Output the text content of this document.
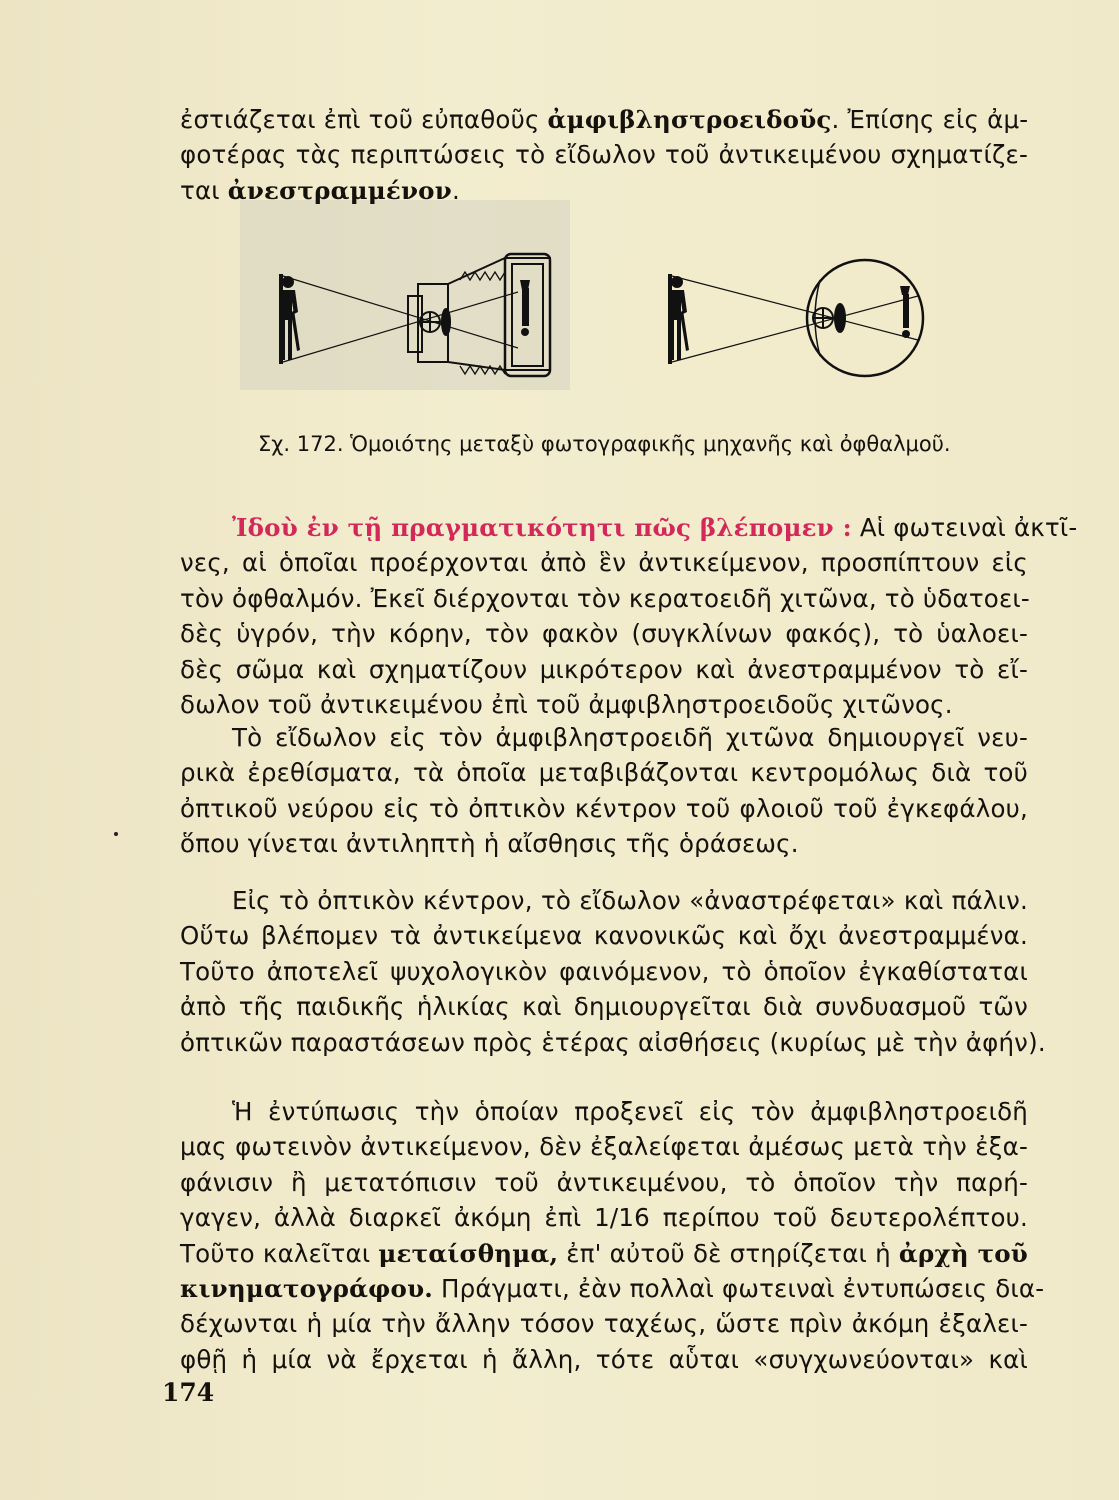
ἐστιάζεται ἐπὶ τοῦ εὐπαθοῦς ἀμφιβληστροειδοῦς. Ἐπίσης εἰς ἀμ-
φοτέρας τὰς περιπτώσεις τὸ εἴδωλον τοῦ ἀντικειμένου σχηματίζε-
ται ἀνεστραμμένον.
Σχ. 172. Ὁμοιότης μεταξὺ φωτογραφικῆς μηχανῆς καὶ ὀφθαλμοῦ.
Ἰδοὺ ἐν τῇ πραγματικότητι πῶς βλέπομεν : Αἱ φωτειναὶ ἀκτῖ-
νες, αἱ ὁποῖαι προέρχονται ἀπὸ ἓν ἀντικείμενον, προσπίπτουν εἰς
τὸν ὀφθαλμόν. Ἐκεῖ διέρχονται τὸν κερατοειδῆ χιτῶνα, τὸ ὑδατοει-
δὲς ὑγρόν, τὴν κόρην, τὸν φακὸν (συγκλίνων φακός), τὸ ὑαλοει-
δὲς σῶμα καὶ σχηματίζουν μικρότερον καὶ ἀνεστραμμένον τὸ εἴ-
δωλον τοῦ ἀντικειμένου ἐπὶ τοῦ ἀμφιβληστροειδοῦς χιτῶνος.
Τὸ εἴδωλον εἰς τὸν ἀμφιβληστροειδῆ χιτῶνα δημιουργεῖ νευ-
ρικὰ ἐρεθίσματα, τὰ ὁποῖα μεταβιβάζονται κεντρομόλως διὰ τοῦ
ὀπτικοῦ νεύρου εἰς τὸ ὀπτικὸν κέντρον τοῦ φλοιοῦ τοῦ ἐγκεφάλου,
ὅπου γίνεται ἀντιληπτὴ ἡ αἴσθησις τῆς ὁράσεως.
Εἰς τὸ ὀπτικὸν κέντρον, τὸ εἴδωλον «ἀναστρέφεται» καὶ πάλιν.
Οὕτω βλέπομεν τὰ ἀντικείμενα κανονικῶς καὶ ὄχι ἀνεστραμμένα.
Τοῦτο ἀποτελεῖ ψυχολογικὸν φαινόμενον, τὸ ὁποῖον ἐγκαθίσταται
ἀπὸ τῆς παιδικῆς ἡλικίας καὶ δημιουργεῖται διὰ συνδυασμοῦ τῶν
ὀπτικῶν παραστάσεων πρὸς ἑτέρας αἰσθήσεις (κυρίως μὲ τὴν ἀφήν).
Ἡ ἐντύπωσις τὴν ὁποίαν προξενεῖ εἰς τὸν ἀμφιβληστροειδῆ
μας φωτεινὸν ἀντικείμενον, δὲν ἐξαλείφεται ἀμέσως μετὰ τὴν ἐξα-
φάνισιν ἢ μετατόπισιν τοῦ ἀντικειμένου, τὸ ὁποῖον τὴν παρή-
γαγεν, ἀλλὰ διαρκεῖ ἀκόμη ἐπὶ 1/16 περίπου τοῦ δευτερολέπτου.
Τοῦτο καλεῖται μεταίσθημα, ἐπ' αὐτοῦ δὲ στηρίζεται ἡ ἀρχὴ τοῦ
κινηματογράφου. Πράγματι, ἐὰν πολλαὶ φωτειναὶ ἐντυπώσεις δια-
δέχωνται ἡ μία τὴν ἄλλην τόσον ταχέως, ὥστε πρὶν ἀκόμη ἐξαλει-
φθῇ ἡ μία νὰ ἔρχεται ἡ ἄλλη, τότε αὗται «συγχωνεύονται» καὶ
174
